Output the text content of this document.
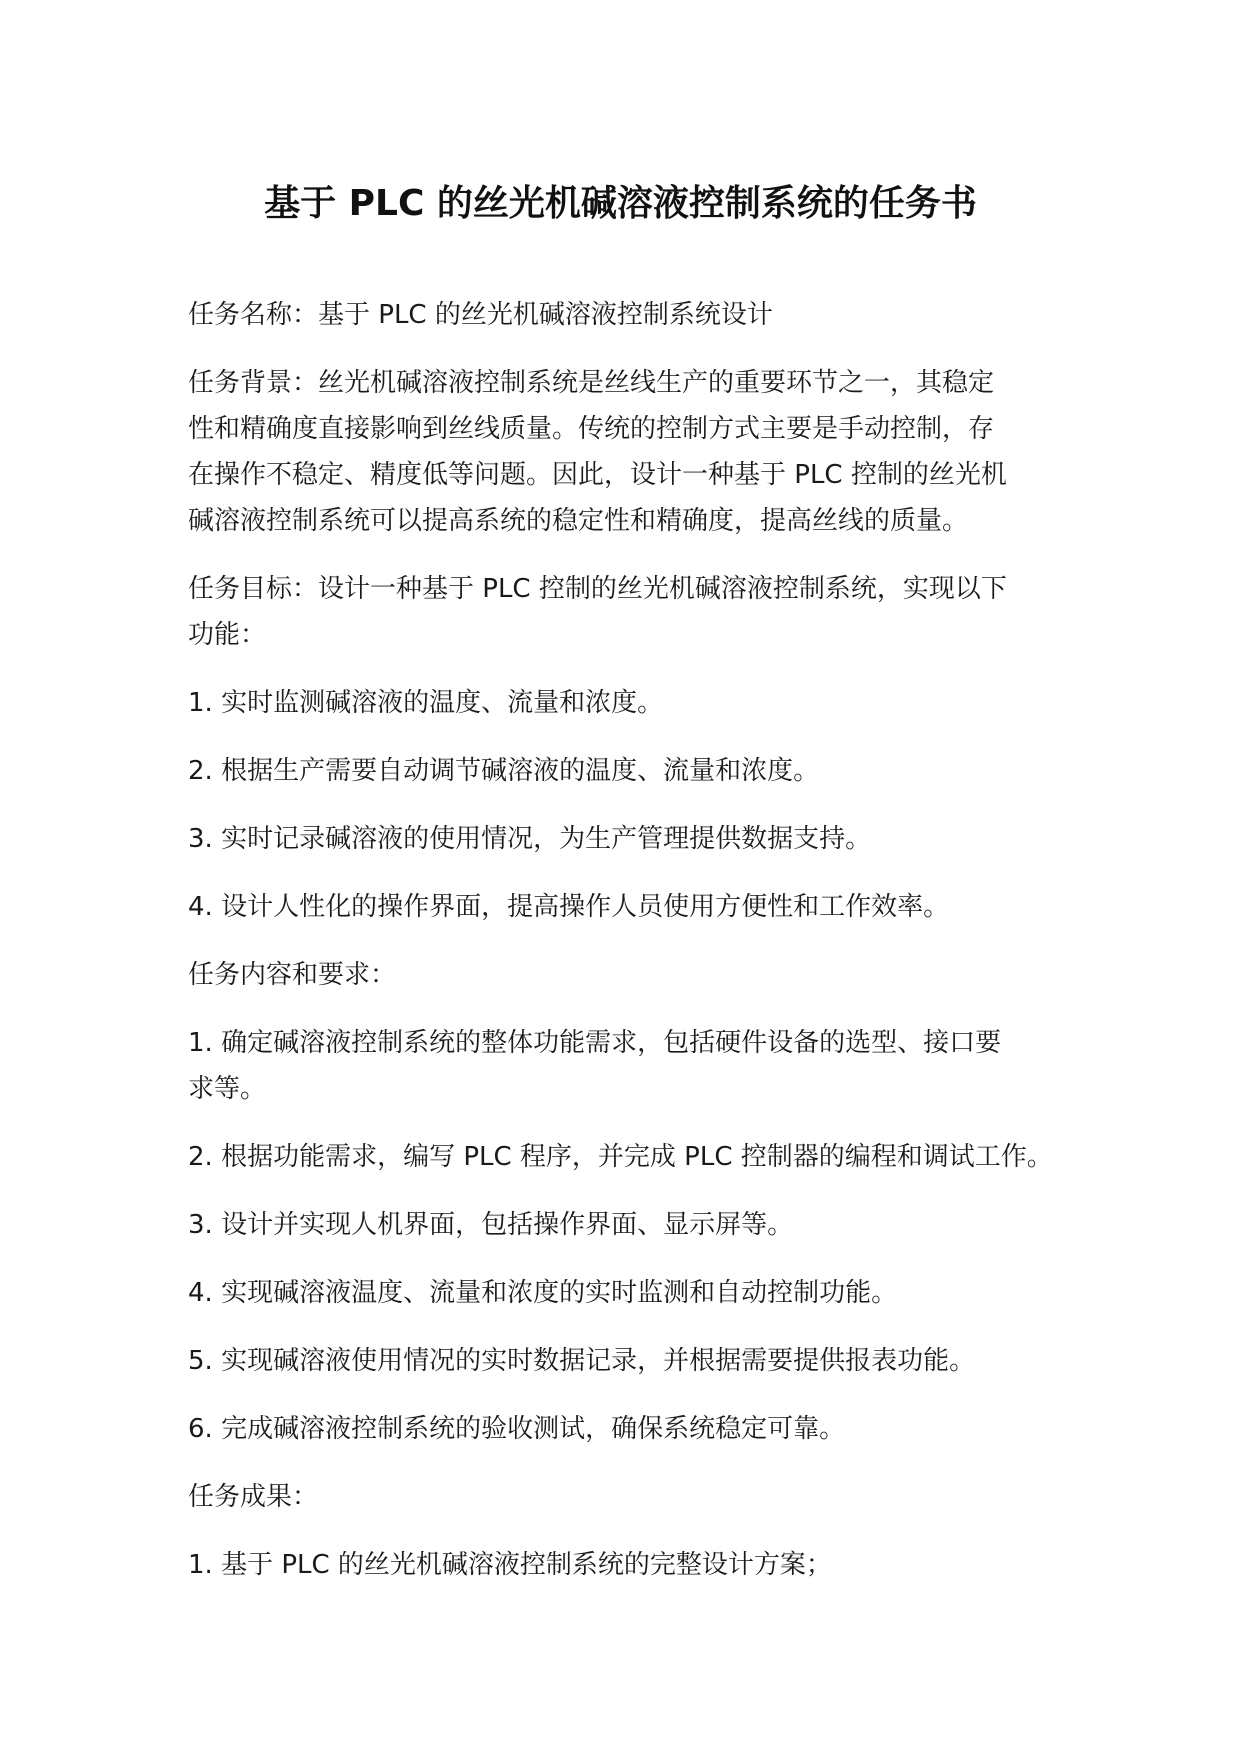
基于 PLC 的丝光机碱溶液控制系统的任务书
任务名称：基于 PLC 的丝光机碱溶液控制系统设计
任务背景：丝光机碱溶液控制系统是丝线生产的重要环节之一，其稳定
性和精确度直接影响到丝线质量。传统的控制方式主要是手动控制，存
在操作不稳定、精度低等问题。因此，设计一种基于 PLC 控制的丝光机
碱溶液控制系统可以提高系统的稳定性和精确度，提高丝线的质量。
任务目标：设计一种基于 PLC 控制的丝光机碱溶液控制系统，实现以下
功能：
1. 实时监测碱溶液的温度、流量和浓度。
2. 根据生产需要自动调节碱溶液的温度、流量和浓度。
3. 实时记录碱溶液的使用情况，为生产管理提供数据支持。
4. 设计人性化的操作界面，提高操作人员使用方便性和工作效率。
任务内容和要求：
1. 确定碱溶液控制系统的整体功能需求，包括硬件设备的选型、接口要
求等。
2. 根据功能需求，编写 PLC 程序，并完成 PLC 控制器的编程和调试工作。
3. 设计并实现人机界面，包括操作界面、显示屏等。
4. 实现碱溶液温度、流量和浓度的实时监测和自动控制功能。
5. 实现碱溶液使用情况的实时数据记录，并根据需要提供报表功能。
6. 完成碱溶液控制系统的验收测试，确保系统稳定可靠。
任务成果：
1. 基于 PLC 的丝光机碱溶液控制系统的完整设计方案；
